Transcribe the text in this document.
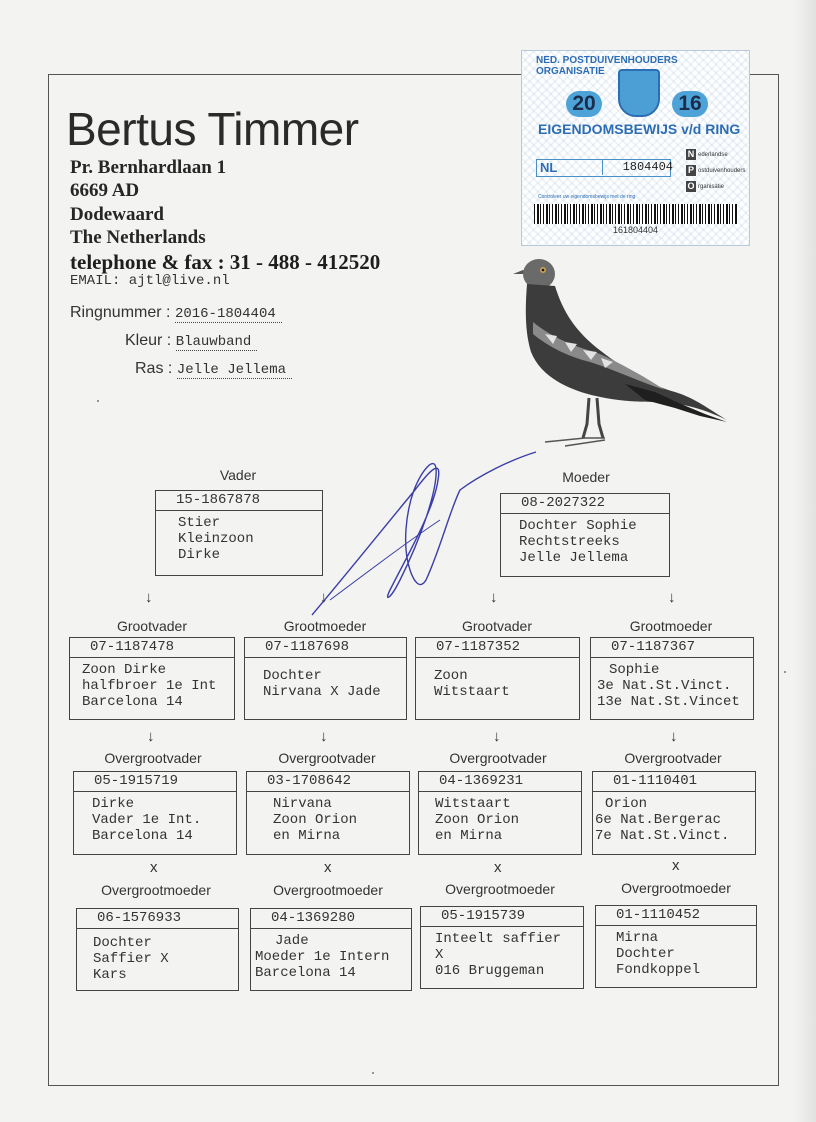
Bertus Timmer
Pr. Bernhardlaan 1
6669 AD
Dodewaard
The Netherlands
telephone & fax : 31 - 488 - 412520
EMAIL: ajtl@live.nl
Ringnummer : 2016-1804404
Kleur : Blauwband
Ras : Jelle Jellema
NED. POSTDUIVENHOUDERS ORGANISATIE
20	16
EIGENDOMSBEWIJS v/d RING
NL	1804404
N ederlandse
P ostduivenhouders
O rganisatie
Controleer uw eigendomsbewijs met de ring
161804404
Vader	Moeder
15-1867878
Stier
Kleinzoon
Dirke
08-2027322
Dochter Sophie
Rechtstreeks
Jelle Jellema
↓	↓	↓	↓
Grootvader	Grootmoeder	Grootvader	Grootmoeder
07-1187478
Zoon Dirke
halfbroer 1e Int
Barcelona 14
07-1187698
Dochter
Nirvana X Jade
07-1187352
Zoon
Witstaart
07-1187367
Sophie
3e Nat.St.Vinct.
13e Nat.St.Vincet
↓	↓	↓	↓
Overgrootvader	Overgrootvader	Overgrootvader	Overgrootvader
05-1915719
Dirke
Vader 1e Int.
Barcelona 14
03-1708642
Nirvana
Zoon Orion
en Mirna
04-1369231
Witstaart
Zoon Orion
en Mirna
01-1110401
Orion
6e Nat.Bergerac
7e Nat.St.Vinct.
x	x	x	x
Overgrootmoeder	Overgrootmoeder	Overgrootmoeder	Overgrootmoeder
06-1576933
Dochter
Saffier X
Kars
04-1369280
Jade
Moeder 1e Intern
Barcelona 14
05-1915739
Inteelt saffier
X
016 Bruggeman
01-1110452
Mirna
Dochter
Fondkoppel
